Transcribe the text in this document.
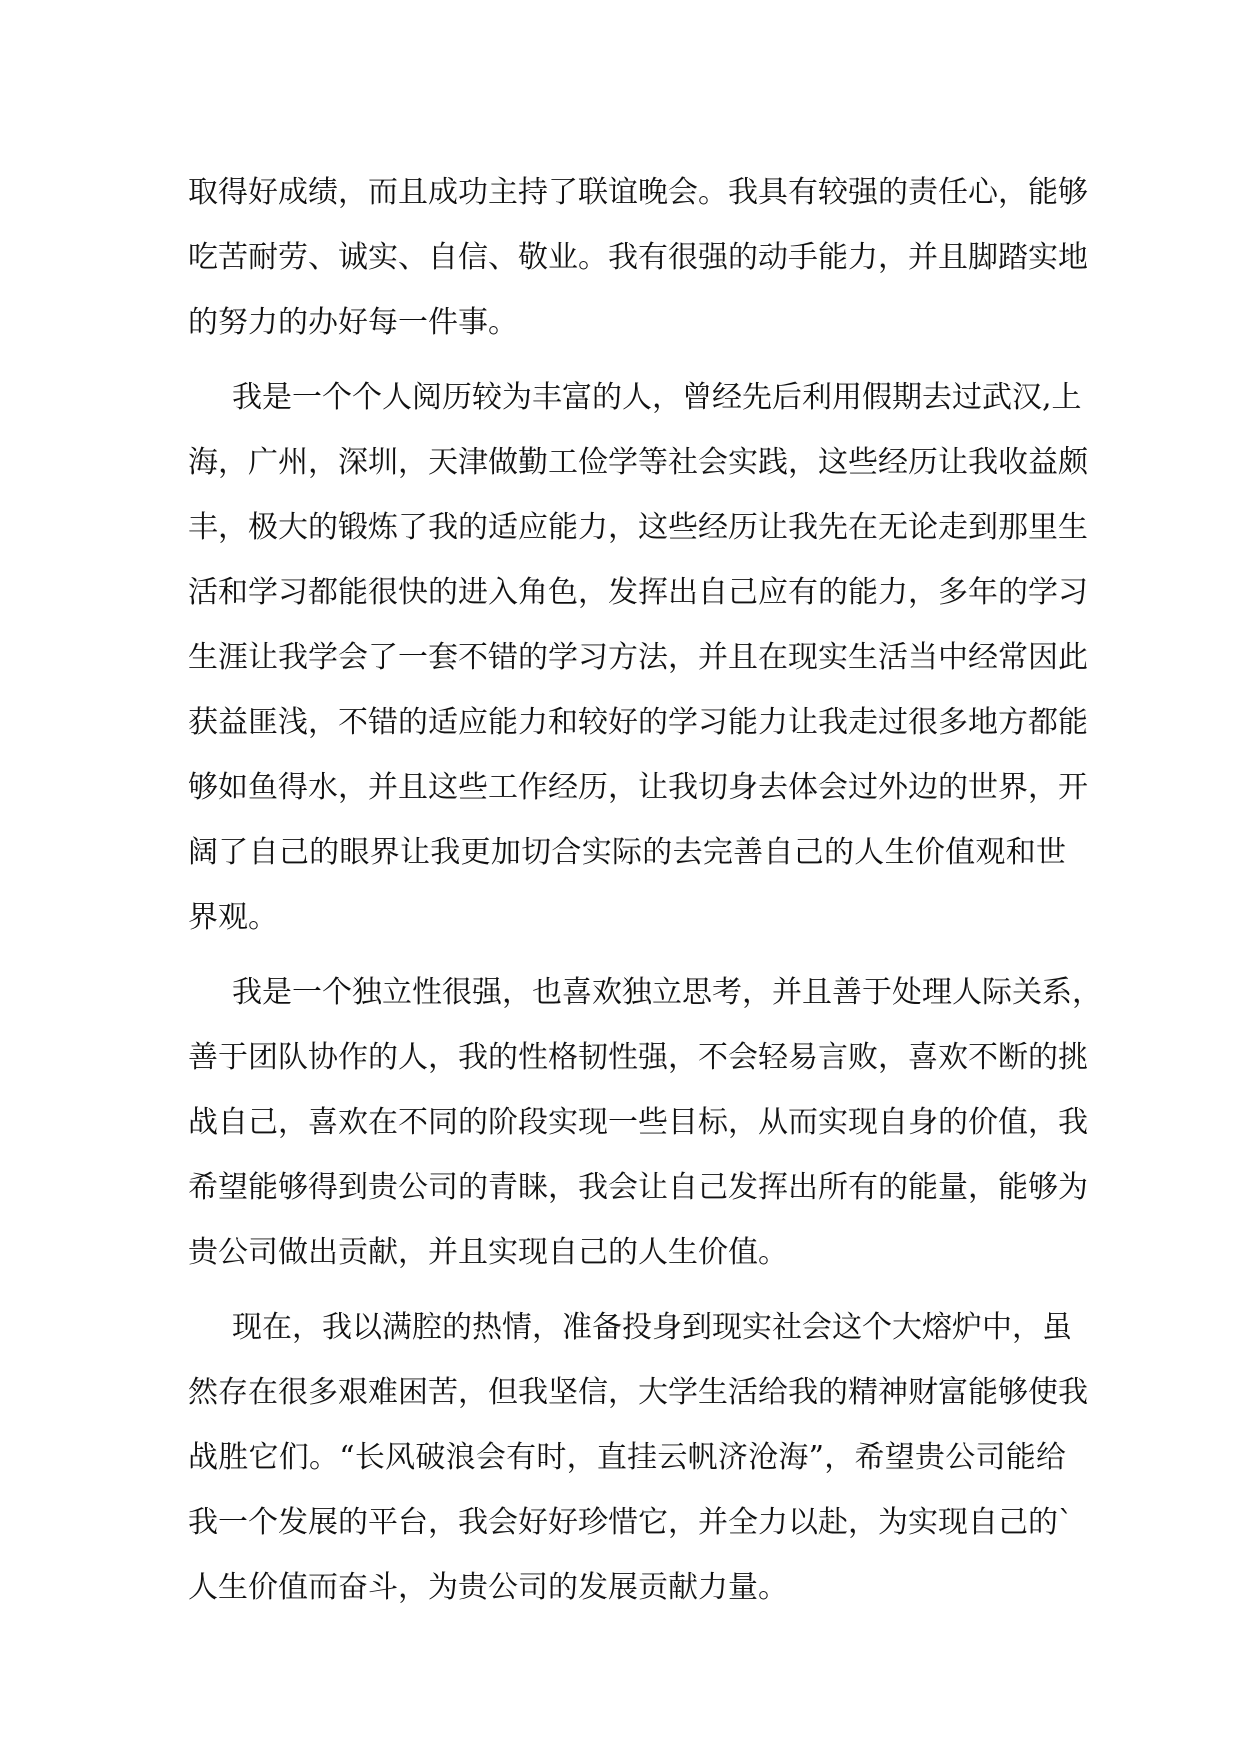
取得好成绩，而且成功主持了联谊晚会。我具有较强的责任心，能够
吃苦耐劳、诚实、自信、敬业。我有很强的动手能力，并且脚踏实地
的努力的办好每一件事。
我是一个个人阅历较为丰富的人，曾经先后利用假期去过武汉,上
海，广州，深圳，天津做勤工俭学等社会实践，这些经历让我收益颇
丰，极大的锻炼了我的适应能力，这些经历让我先在无论走到那里生
活和学习都能很快的进入角色，发挥出自己应有的能力，多年的学习
生涯让我学会了一套不错的学习方法，并且在现实生活当中经常因此
获益匪浅，不错的适应能力和较好的学习能力让我走过很多地方都能
够如鱼得水，并且这些工作经历，让我切身去体会过外边的世界，开
阔了自己的眼界让我更加切合实际的去完善自己的人生价值观和世
界观。
我是一个独立性很强，也喜欢独立思考，并且善于处理人际关系，
善于团队协作的人，我的性格韧性强，不会轻易言败，喜欢不断的挑
战自己，喜欢在不同的阶段实现一些目标，从而实现自身的价值，我
希望能够得到贵公司的青睐，我会让自己发挥出所有的能量，能够为
贵公司做出贡献，并且实现自己的人生价值。
现在，我以满腔的热情，准备投身到现实社会这个大熔炉中，虽
然存在很多艰难困苦，但我坚信，大学生活给我的精神财富能够使我
战胜它们。“长风破浪会有时，直挂云帆济沧海”，希望贵公司能给
我一个发展的平台，我会好好珍惜它，并全力以赴，为实现自己的`
人生价值而奋斗，为贵公司的发展贡献力量。
